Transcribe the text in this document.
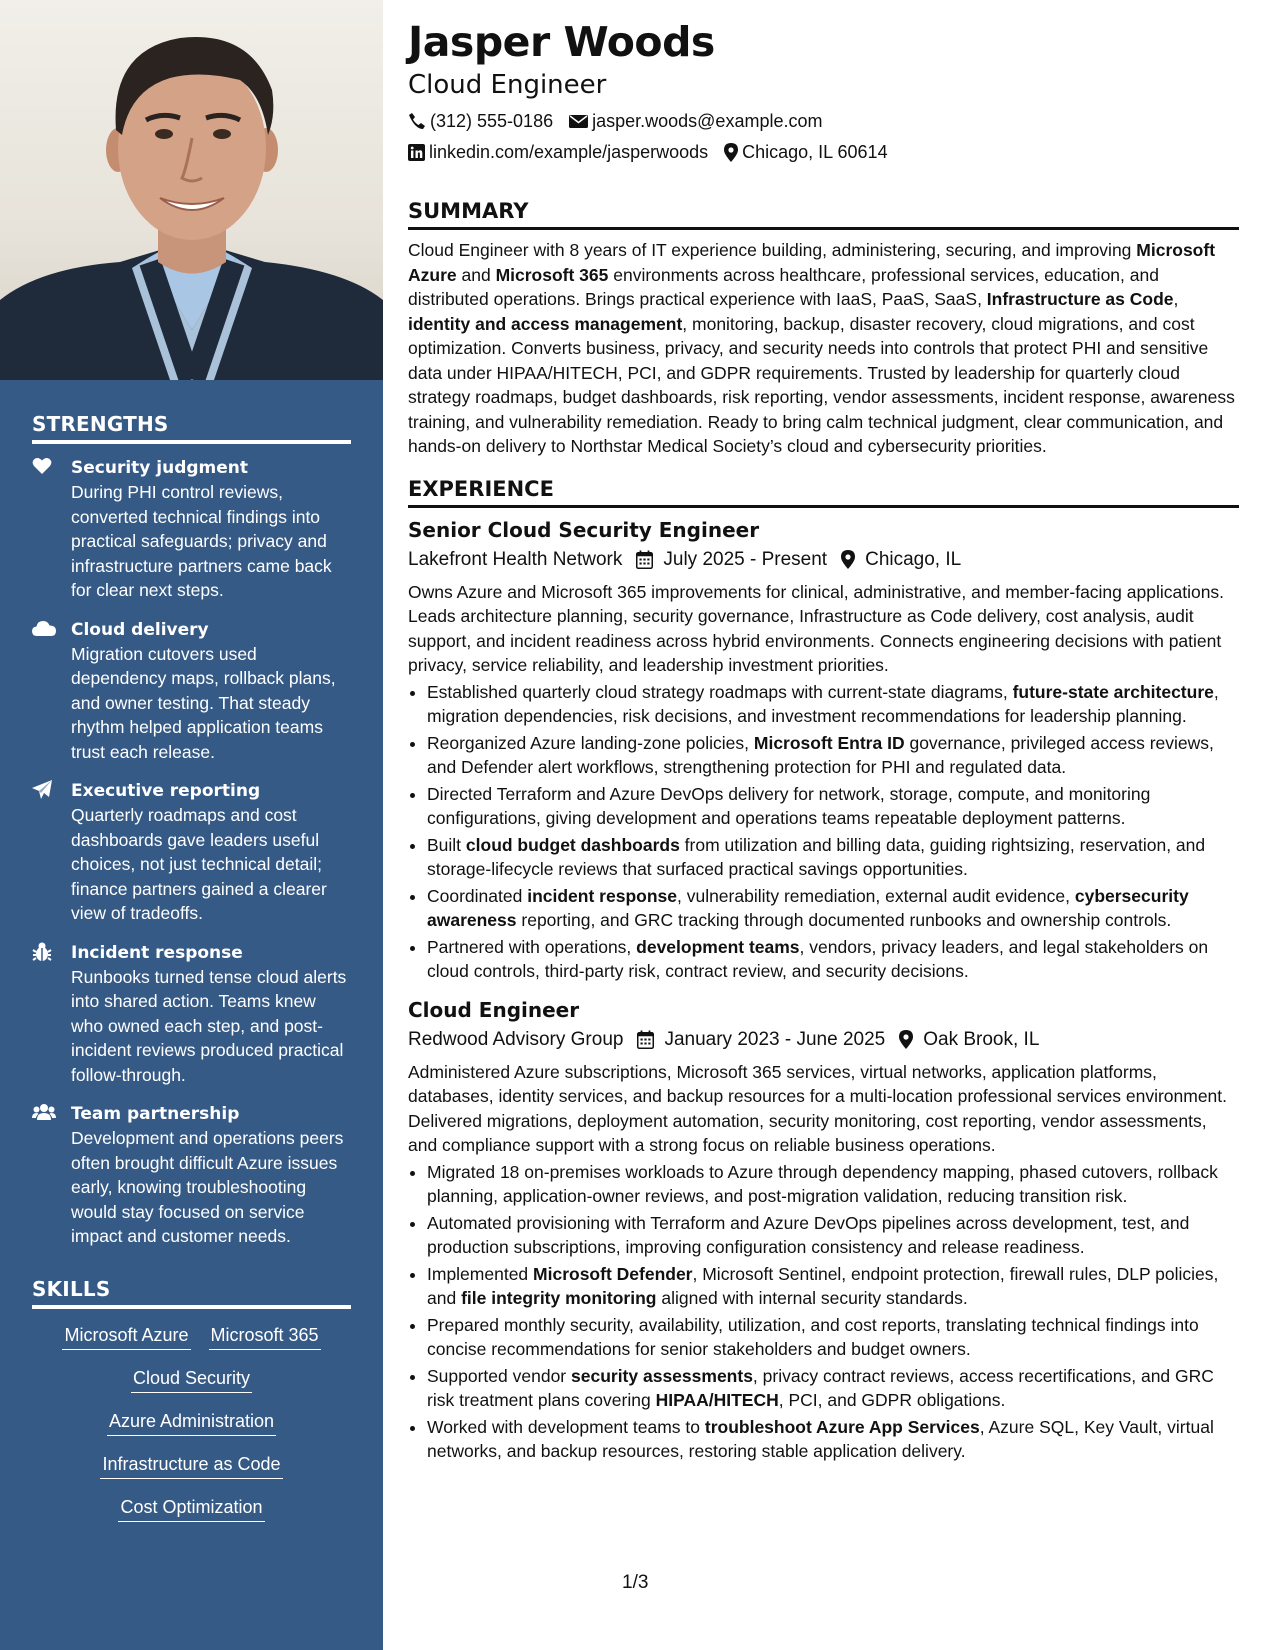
STRENGTHS
Security judgment
During PHI control reviews, converted technical findings into practical safeguards; privacy and infrastructure partners came back for clear next steps.
Cloud delivery
Migration cutovers used dependency maps, rollback plans, and owner testing. That steady rhythm helped application teams trust each release.
Executive reporting
Quarterly roadmaps and cost dashboards gave leaders useful choices, not just technical detail; finance partners gained a clearer view of tradeoffs.
Incident response
Runbooks turned tense cloud alerts into shared action. Teams knew who owned each step, and post-incident reviews produced practical follow-through.
Team partnership
Development and operations peers often brought difficult Azure issues early, knowing troubleshooting would stay focused on service impact and customer needs.
SKILLS
Microsoft Azure Microsoft 365
Cloud Security
Azure Administration
Infrastructure as Code
Cost Optimization
Jasper Woods
Cloud Engineer
(312) 555-0186 jasper.woods@example.com
linkedin.com/example/jasperwoods Chicago, IL 60614
SUMMARY
Cloud Engineer with 8 years of IT experience building, administering, securing, and improving Microsoft Azure and Microsoft 365 environments across healthcare, professional services, education, and distributed operations. Brings practical experience with IaaS, PaaS, SaaS, Infrastructure as Code, identity and access management, monitoring, backup, disaster recovery, cloud migrations, and cost optimization. Converts business, privacy, and security needs into controls that protect PHI and sensitive data under HIPAA/HITECH, PCI, and GDPR requirements. Trusted by leadership for quarterly cloud strategy roadmaps, budget dashboards, risk reporting, vendor assessments, incident response, awareness training, and vulnerability remediation. Ready to bring calm technical judgment, clear communication, and hands-on delivery to Northstar Medical Society’s cloud and cybersecurity priorities.
EXPERIENCE
Senior Cloud Security Engineer
Lakefront Health Network July 2025 - Present Chicago, IL
Owns Azure and Microsoft 365 improvements for clinical, administrative, and member-facing applications. Leads architecture planning, security governance, Infrastructure as Code delivery, cost analysis, audit support, and incident readiness across hybrid environments. Connects engineering decisions with patient privacy, service reliability, and leadership investment priorities.
• Established quarterly cloud strategy roadmaps with current-state diagrams, future-state architecture, migration dependencies, risk decisions, and investment recommendations for leadership planning.
• Reorganized Azure landing-zone policies, Microsoft Entra ID governance, privileged access reviews, and Defender alert workflows, strengthening protection for PHI and regulated data.
• Directed Terraform and Azure DevOps delivery for network, storage, compute, and monitoring configurations, giving development and operations teams repeatable deployment patterns.
• Built cloud budget dashboards from utilization and billing data, guiding rightsizing, reservation, and storage-lifecycle reviews that surfaced practical savings opportunities.
• Coordinated incident response, vulnerability remediation, external audit evidence, cybersecurity awareness reporting, and GRC tracking through documented runbooks and ownership controls.
• Partnered with operations, development teams, vendors, privacy leaders, and legal stakeholders on cloud controls, third-party risk, contract review, and security decisions.
Cloud Engineer
Redwood Advisory Group January 2023 - June 2025 Oak Brook, IL
Administered Azure subscriptions, Microsoft 365 services, virtual networks, application platforms, databases, identity services, and backup resources for a multi-location professional services environment. Delivered migrations, deployment automation, security monitoring, cost reporting, vendor assessments, and compliance support with a strong focus on reliable business operations.
• Migrated 18 on-premises workloads to Azure through dependency mapping, phased cutovers, rollback planning, application-owner reviews, and post-migration validation, reducing transition risk.
• Automated provisioning with Terraform and Azure DevOps pipelines across development, test, and production subscriptions, improving configuration consistency and release readiness.
• Implemented Microsoft Defender, Microsoft Sentinel, endpoint protection, firewall rules, DLP policies, and file integrity monitoring aligned with internal security standards.
• Prepared monthly security, availability, utilization, and cost reports, translating technical findings into concise recommendations for senior stakeholders and budget owners.
• Supported vendor security assessments, privacy contract reviews, access recertifications, and GRC risk treatment plans covering HIPAA/HITECH, PCI, and GDPR obligations.
• Worked with development teams to troubleshoot Azure App Services, Azure SQL, Key Vault, virtual networks, and backup resources, restoring stable application delivery.
1/3
